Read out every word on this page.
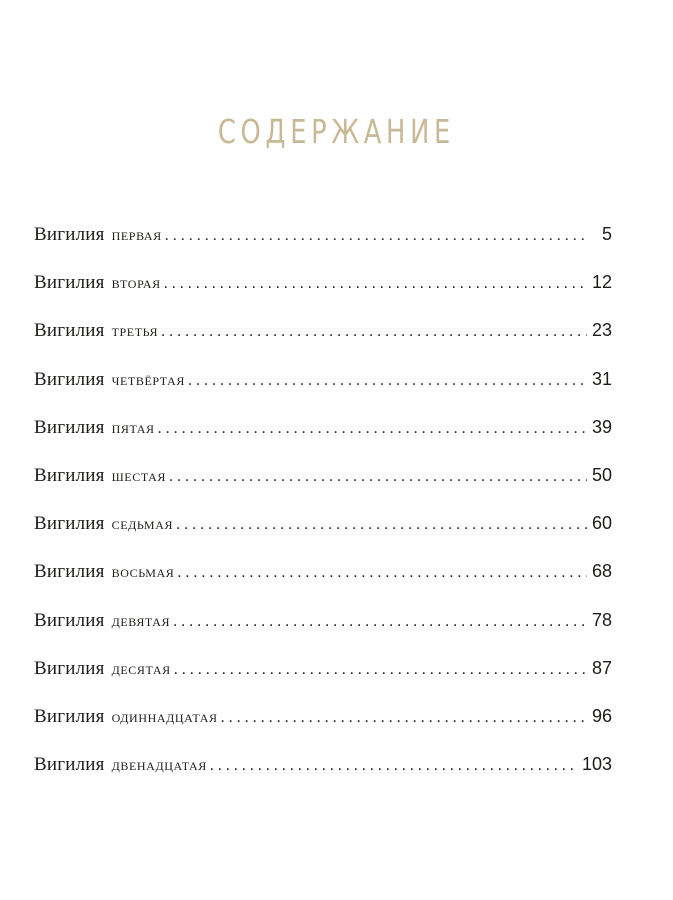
СОДЕРЖАНИЕ
Вигилия первая . . .	5
Вигилия вторая . . .	12
Вигилия третья . . .	23
Вигилия четвёртая . . .	31
Вигилия пятая . . .	39
Вигилия шестая . . .	50
Вигилия седьмая . . .	60
Вигилия восьмая . . .	68
Вигилия девятая . . .	78
Вигилия десятая . . .	87
Вигилия одиннадцатая . . .	96
Вигилия двенадцатая . . .	103
